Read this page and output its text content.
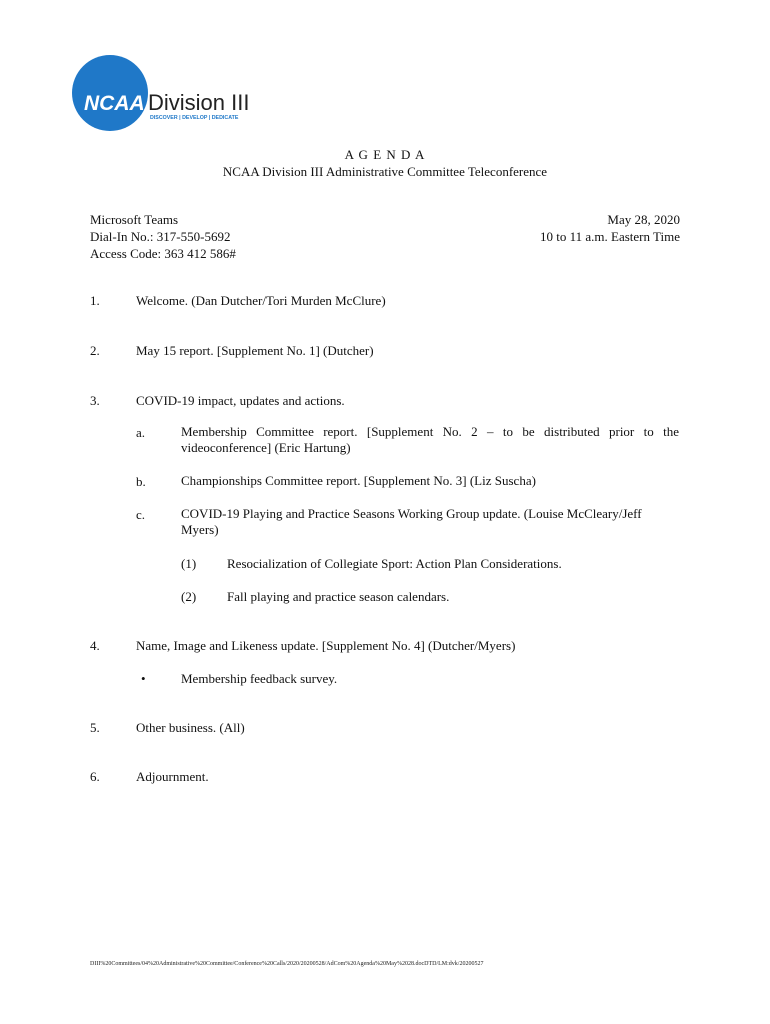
NCAA Division III
DISCOVER | DEVELOP | DEDICATE
A G E N D A
NCAA Division III Administrative Committee Teleconference
Microsoft Teams
Dial-In No.: 317-550-5692
Access Code: 363 412 586#
May 28, 2020
10 to 11 a.m. Eastern Time
1.	Welcome. (Dan Dutcher/Tori Murden McClure)
2.	May 15 report. [Supplement No. 1] (Dutcher)
3.	COVID-19 impact, updates and actions.
a.	Membership Committee report. [Supplement No. 2 – to be distributed prior to the videoconference] (Eric Hartung)
b.	Championships Committee report. [Supplement No. 3] (Liz Suscha)
c.	COVID-19 Playing and Practice Seasons Working Group update. (Louise McCleary/Jeff Myers)
(1) Resocialization of Collegiate Sport: Action Plan Considerations.
(2) Fall playing and practice season calendars.
4.	Name, Image and Likeness update. [Supplement No. 4] (Dutcher/Myers)
•	Membership feedback survey.
5.	Other business. (All)
6.	Adjournment.
DIII%20Committees/04%20Administrative%20Committee/Conference%20Calls/2020/20200528/AdCom%20Agenda%20May%2028.docDTD/LM:dvk/20200527
